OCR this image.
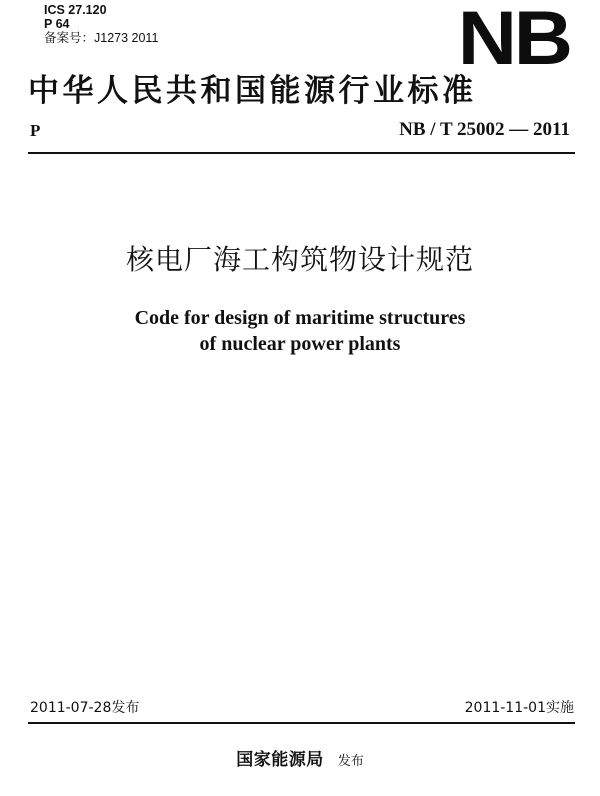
ICS 27.120
P 64
备案号：J1273 2011	NB
中华人民共和国能源行业标准
P	NB / T 25002 — 2011
核电厂海工构筑物设计规范
Code for design of maritime structures
of nuclear power plants
2011-07-28发布	2011-11-01实施
国家能源局 发布
